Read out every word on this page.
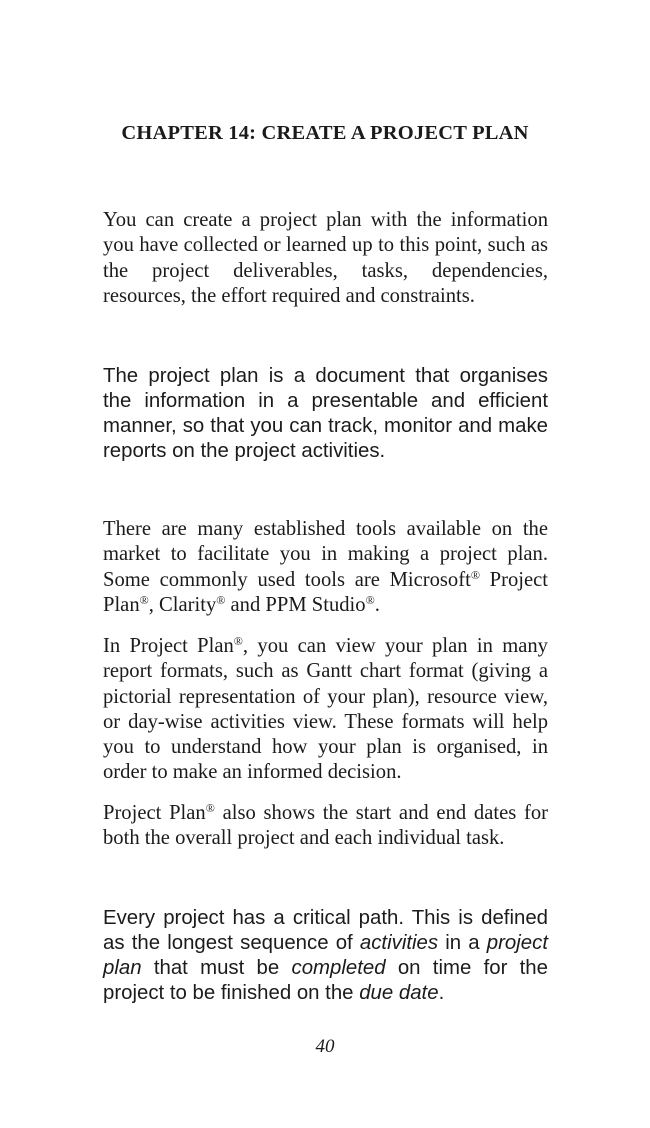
CHAPTER 14: CREATE A PROJECT PLAN

You can create a project plan with the information you have collected or learned up to this point, such as the project deliverables, tasks, dependencies, resources, the effort required and constraints.

The project plan is a document that organises the information in a presentable and efficient manner, so that you can track, monitor and make reports on the project activities.

There are many established tools available on the market to facilitate you in making a project plan. Some commonly used tools are Microsoft® Project Plan®, Clarity® and PPM Studio®.

In Project Plan®, you can view your plan in many report formats, such as Gantt chart format (giving a pictorial representation of your plan), resource view, or day-wise activities view. These formats will help you to understand how your plan is organised, in order to make an informed decision.

Project Plan® also shows the start and end dates for both the overall project and each individual task.

Every project has a critical path. This is defined as the longest sequence of activities in a project plan that must be completed on time for the project to be finished on the due date.

40
